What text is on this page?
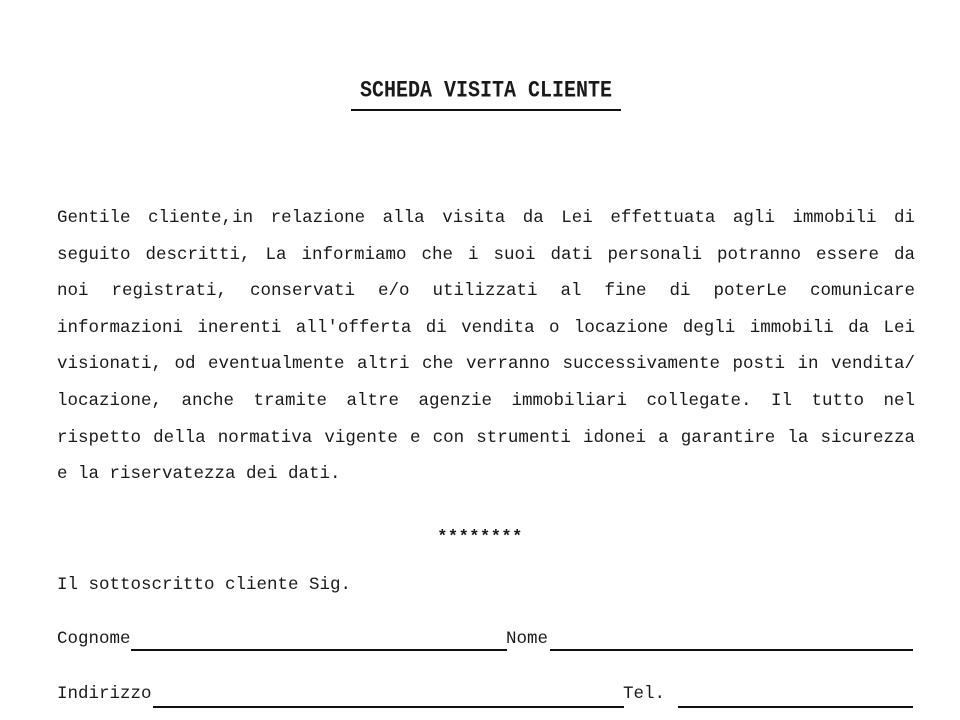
SCHEDA VISITA CLIENTE
Gentile cliente,in relazione alla visita da Lei effettuata agli immobili di
seguito descritti, La informiamo che i suoi dati personali potranno essere da
noi registrati, conservati e/o utilizzati al fine di poterLe comunicare
informazioni inerenti all'offerta di vendita o locazione degli immobili da Lei
visionati, od eventualmente altri che verranno successivamente posti in vendita/
locazione, anche tramite altre agenzie immobiliari collegate. Il tutto nel
rispetto della normativa vigente e con strumenti idonei a garantire la sicurezza
e la riservatezza dei dati.
********
Il sottoscritto cliente Sig.
Cognome	Nome
Indirizzo	Tel.
